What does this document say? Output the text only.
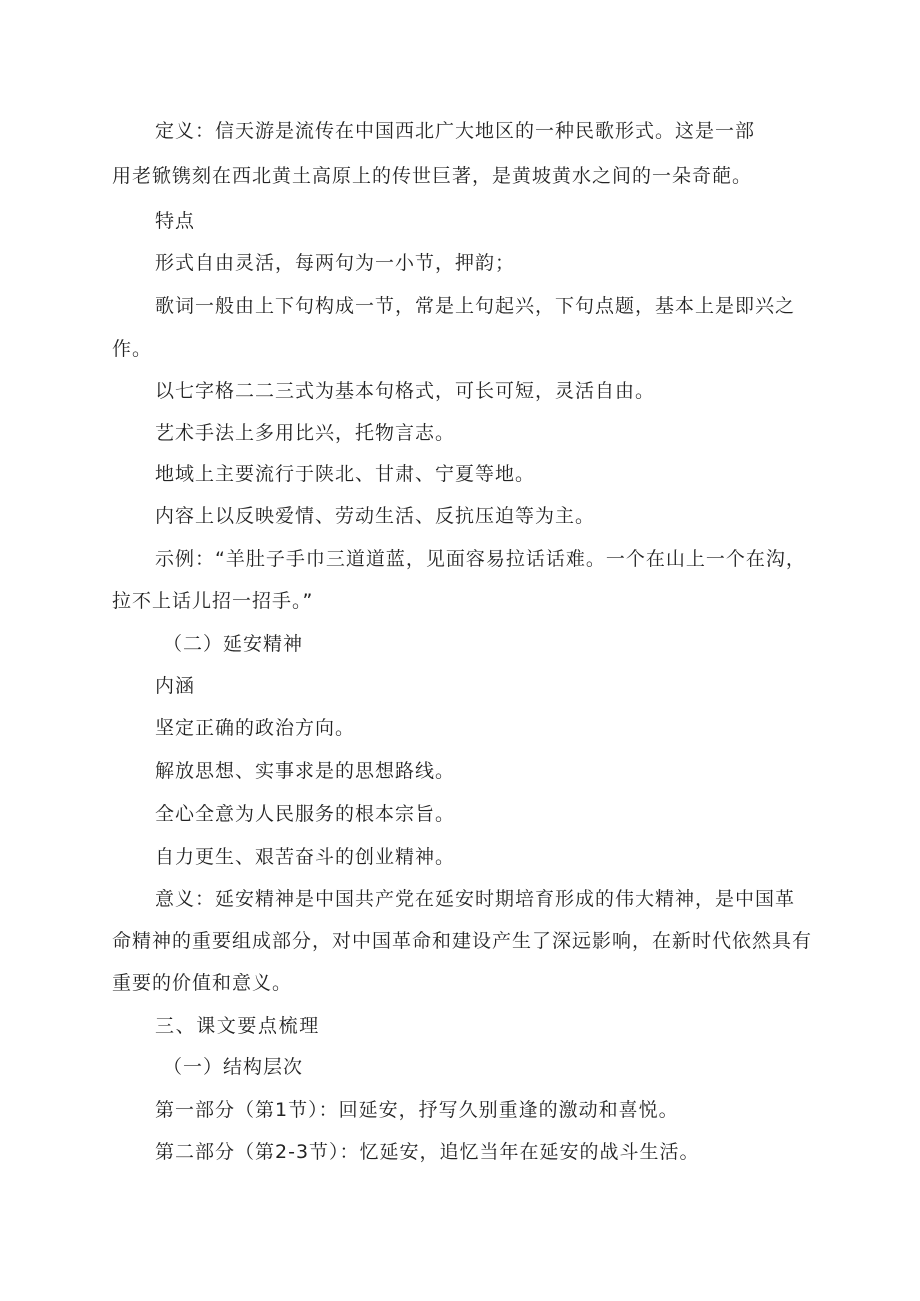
定义：信天游是流传在中国西北广大地区的一种民歌形式。这是一部
用老锨镌刻在西北黄土高原上的传世巨著，是黄坡黄水之间的一朵奇葩。
特点
形式自由灵活，每两句为一小节，押韵；
歌词一般由上下句构成一节，常是上句起兴，下句点题，基本上是即兴之
作。
以七字格二二三式为基本句格式，可长可短，灵活自由。
艺术手法上多用比兴，托物言志。
地域上主要流行于陕北、甘肃、宁夏等地。
内容上以反映爱情、劳动生活、反抗压迫等为主。
示例：“羊肚子手巾三道道蓝，见面容易拉话话难。一个在山上一个在沟，
拉不上话儿招一招手。”
（二）延安精神
内涵
坚定正确的政治方向。
解放思想、实事求是的思想路线。
全心全意为人民服务的根本宗旨。
自力更生、艰苦奋斗的创业精神。
意义：延安精神是中国共产党在延安时期培育形成的伟大精神，是中国革
命精神的重要组成部分，对中国革命和建设产生了深远影响，在新时代依然具有
重要的价值和意义。
三、课文要点梳理
（一）结构层次
第一部分（第1节）：回延安，抒写久别重逢的激动和喜悦。
第二部分（第2-3节）：忆延安，追忆当年在延安的战斗生活。
